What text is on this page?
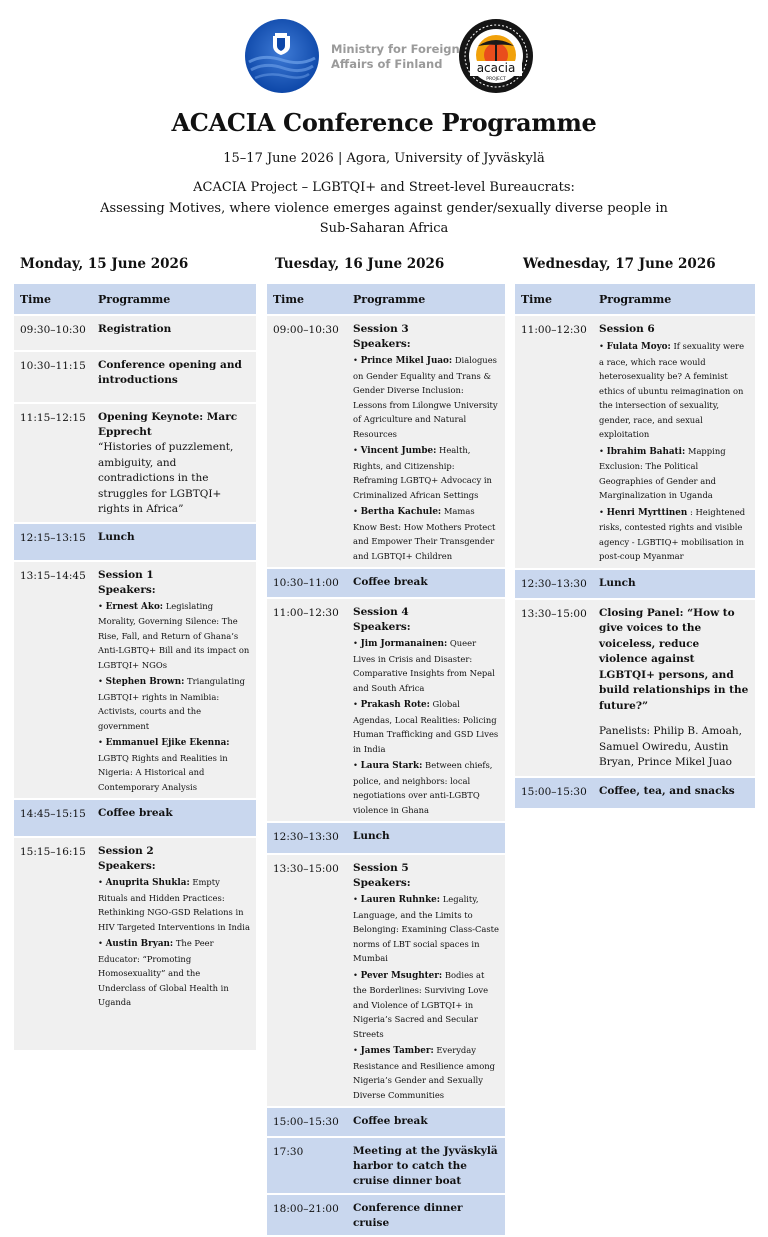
Ministry for Foreign
Affairs of Finland	acacia
PROJECT
ACACIA Conference Programme
15–17 June 2026 | Agora, University of Jyväskylä
ACACIA Project – LGBTQI+ and Street-level Bureaucrats:
Assessing Motives, where violence emerges against gender/sexually diverse people in
Sub-Saharan Africa
Monday, 15 June 2026
Time	Programme
09:30–10:30	Registration

10:30–11:15	Conference opening and introductions

11:15–12:15	Opening Keynote: Marc Epprecht
“Histories of puzzlement, ambiguity, and contradictions in the struggles for LGBTQI+ rights in Africa”

12:15–13:15	Lunch

13:15–14:45	Session 1
Speakers:
• Ernest Ako: Legislating Morality, Governing Silence: The Rise, Fall, and Return of Ghana’s Anti-LGBTQ+ Bill and its impact on LGBTQI+ NGOs
• Stephen Brown: Triangulating LGBTQI+ rights in Namibia: Activists, courts and the government
• Emmanuel Ejike Ekenna: LGBTQ Rights and Realities in Nigeria: A Historical and Contemporary Analysis

14:45–15:15	Coffee break

15:15–16:15	Session 2
Speakers:
• Anuprita Shukla: Empty Rituals and Hidden Practices: Rethinking NGO-GSD Relations in HIV Targeted Interventions in India
• Austin Bryan: The Peer Educator: “Promoting Homosexuality” and the Underclass of Global Health in Uganda
Tuesday, 16 June 2026
Time	Programme
09:00–10:30	Session 3
Speakers:
• Prince Mikel Juao: Dialogues on Gender Equality and Trans & Gender Diverse Inclusion: Lessons from Lilongwe University of Agriculture and Natural Resources
• Vincent Jumbe: Health, Rights, and Citizenship: Reframing LGBTQ+ Advocacy in Criminalized African Settings
• Bertha Kachule: Mamas Know Best: How Mothers Protect and Empower Their Transgender and LGBTQI+ Children

10:30–11:00	Coffee break

11:00–12:30	Session 4
Speakers:
• Jim Jormanainen: Queer Lives in Crisis and Disaster: Comparative Insights from Nepal and South Africa
• Prakash Rote: Global Agendas, Local Realities: Policing Human Trafficking and GSD Lives in India
• Laura Stark: Between chiefs, police, and neighbors: local negotiations over anti-LGBTQ violence in Ghana

12:30–13:30	Lunch

13:30–15:00	Session 5
Speakers:
• Lauren Ruhnke: Legality, Language, and the Limits to Belonging: Examining Class-Caste norms of LBT social spaces in Mumbai
• Pever Msughter: Bodies at the Borderlines: Surviving Love and Violence of LGBTQI+ in Nigeria’s Sacred and Secular Streets
• James Tamber: Everyday Resistance and Resilience among Nigeria’s Gender and Sexually Diverse Communities

15:00–15:30	Coffee break

17:30	Meeting at the Jyväskylä harbor to catch the cruise dinner boat

18:00–21:00	Conference dinner cruise
Wednesday, 17 June 2026
Time	Programme
11:00–12:30	Session 6
• Fulata Moyo: If sexuality were a race, which race would heterosexuality be? A feminist ethics of ubuntu reimagination on the intersection of sexuality, gender, race, and sexual exploitation
• Ibrahim Bahati: Mapping Exclusion: The Political Geographies of Gender and Marginalization in Uganda
• Henri Myrttinen : Heightened risks, contested rights and visible agency - LGBTIQ+ mobilisation in post-coup Myanmar

12:30–13:30	Lunch

13:30–15:00	Closing Panel: “How to give voices to the voiceless, reduce violence against LGBTQI+ persons, and build relationships in the future?”
Panelists: Philip B. Amoah, Samuel Owiredu, Austin Bryan, Prince Mikel Juao

15:00–15:30	Coffee, tea, and snacks
